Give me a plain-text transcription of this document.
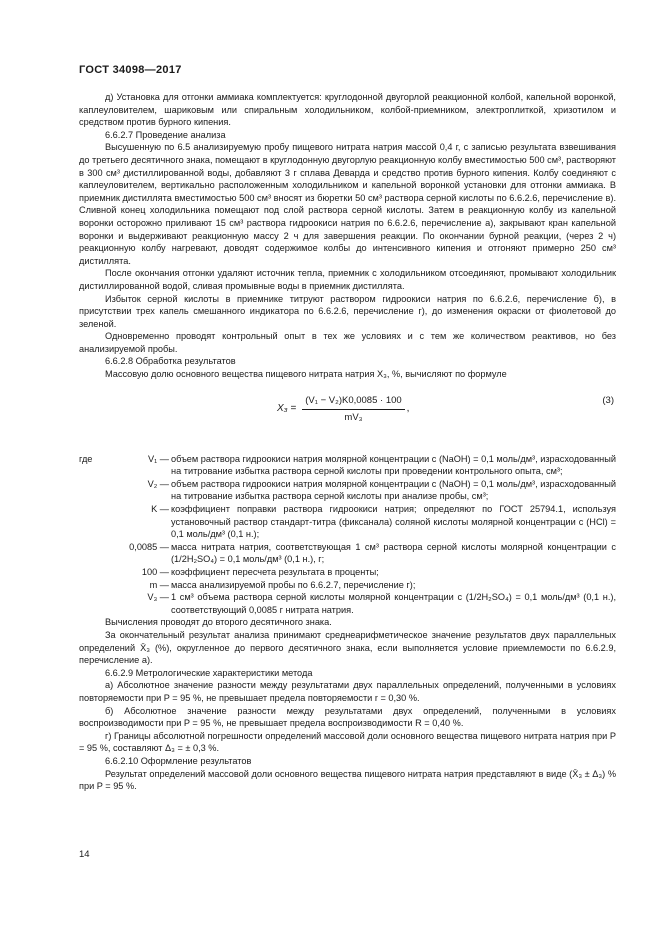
ГОСТ 34098—2017

д) Установка для отгонки аммиака комплектуется: круглодонной двугорлой реакционной колбой, капельной воронкой, каплеуловителем, шариковым или спиральным холодильником, колбой-приемником, электроплиткой, хризотилом и средством против бурного кипения.

6.6.2.7 Проведение анализа

Высушенную по 6.5 анализируемую пробу пищевого нитрата натрия массой 0,4 г, с записью результата взвешивания до третьего десятичного знака, помещают в круглодонную двугорлую реакционную колбу вместимостью 500 см³, растворяют в 300 см³ дистиллированной воды, добавляют 3 г сплава Деварда и средство против бурного кипения. Колбу соединяют с каплеуловителем, вертикально расположенным холодильником и капельной воронкой установки для отгонки аммиака. В приемник дистиллята вместимостью 500 см³ вносят из бюретки 50 см³ раствора серной кислоты по 6.6.2.6, перечисление в). Сливной конец холодильника помещают под слой раствора серной кислоты. Затем в реакционную колбу из капельной воронки осторожно приливают 15 см³ раствора гидроокиси натрия по 6.6.2.6, перечисление а), закрывают кран капельной воронки и выдерживают реакционную массу 2 ч для завершения реакции. По окончании бурной реакции, (через 2 ч) реакционную колбу нагревают, доводят содержимое колбы до интенсивного кипения и отгоняют примерно 250 см³ дистиллята.

После окончания отгонки удаляют источник тепла, приемник с холодильником отсоединяют, промывают холодильник дистиллированной водой, сливая промывные воды в приемник дистиллята.

Избыток серной кислоты в приемнике титруют раствором гидроокиси натрия по 6.6.2.6, перечисление б), в присутствии трех капель смешанного индикатора по 6.6.2.6, перечисление г), до изменения окраски от фиолетовой до зеленой.

Одновременно проводят контрольный опыт в тех же условиях и с тем же количеством реактивов, но без анализируемой пробы.

6.6.2.8 Обработка результатов

Массовую долю основного вещества пищевого нитрата натрия X₃, %, вычисляют по формуле

$X_3 = \frac{\text{(V₁ − V₂)K0,0085 · 100}}{\text{mV₃}}$ ,
(3)
где	V₁ — объем раствора гидроокиси натрия молярной концентрации c (NaOH) = 0,1 моль/дм³, израсходованный на титрование избытка раствора серной кислоты при проведении контрольного опыта, см³;
V₂ — объем раствора гидроокиси натрия молярной концентрации c (NaOH) = 0,1 моль/дм³, израсходованный на титрование избытка раствора серной кислоты при анализе пробы, см³;
K — коэффициент поправки раствора гидроокиси натрия; определяют по ГОСТ 25794.1, используя установочный раствор стандарт-титра (фиксанала) соляной кислоты молярной концентрации c (HCl) = 0,1 моль/дм³ (0,1 н.);
0,0085 — масса нитрата натрия, соответствующая 1 см³ раствора серной кислоты молярной концентрации c (1/2H₂SO₄) = 0,1 моль/дм³ (0,1 н.), г;
100 — коэффициент пересчета результата в проценты;
m — масса анализируемой пробы по 6.6.2.7, перечисление г);
V₃ — 1 см³ объема раствора серной кислоты молярной концентрации c (1/2H₂SO₄) = 0,1 моль/дм³ (0,1 н.), соответствующий 0,0085 г нитрата натрия.

Вычисления проводят до второго десятичного знака.

За окончательный результат анализа принимают среднеарифметическое значение результатов двух параллельных определений X̄₃ (%), округленное до первого десятичного знака, если выполняется условие приемлемости по 6.6.2.9, перечисление а).

6.6.2.9 Метрологические характеристики метода

а) Абсолютное значение разности между результатами двух параллельных определений, полученными в условиях повторяемости при P = 95 %, не превышает предела повторяемости r = 0,30 %.

б) Абсолютное значение разности между результатами двух определений, полученными в условиях воспроизводимости при P = 95 %, не превышает предела воспроизводимости R = 0,40 %.

г) Границы абсолютной погрешности определений массовой доли основного вещества пищевого нитрата натрия при P = 95 %, составляют Δ₃ = ± 0,3 %.

6.6.2.10 Оформление результатов

Результат определений массовой доли основного вещества пищевого нитрата натрия представляют в виде (X̄₃ ± Δ₃) % при P = 95 %.

14
